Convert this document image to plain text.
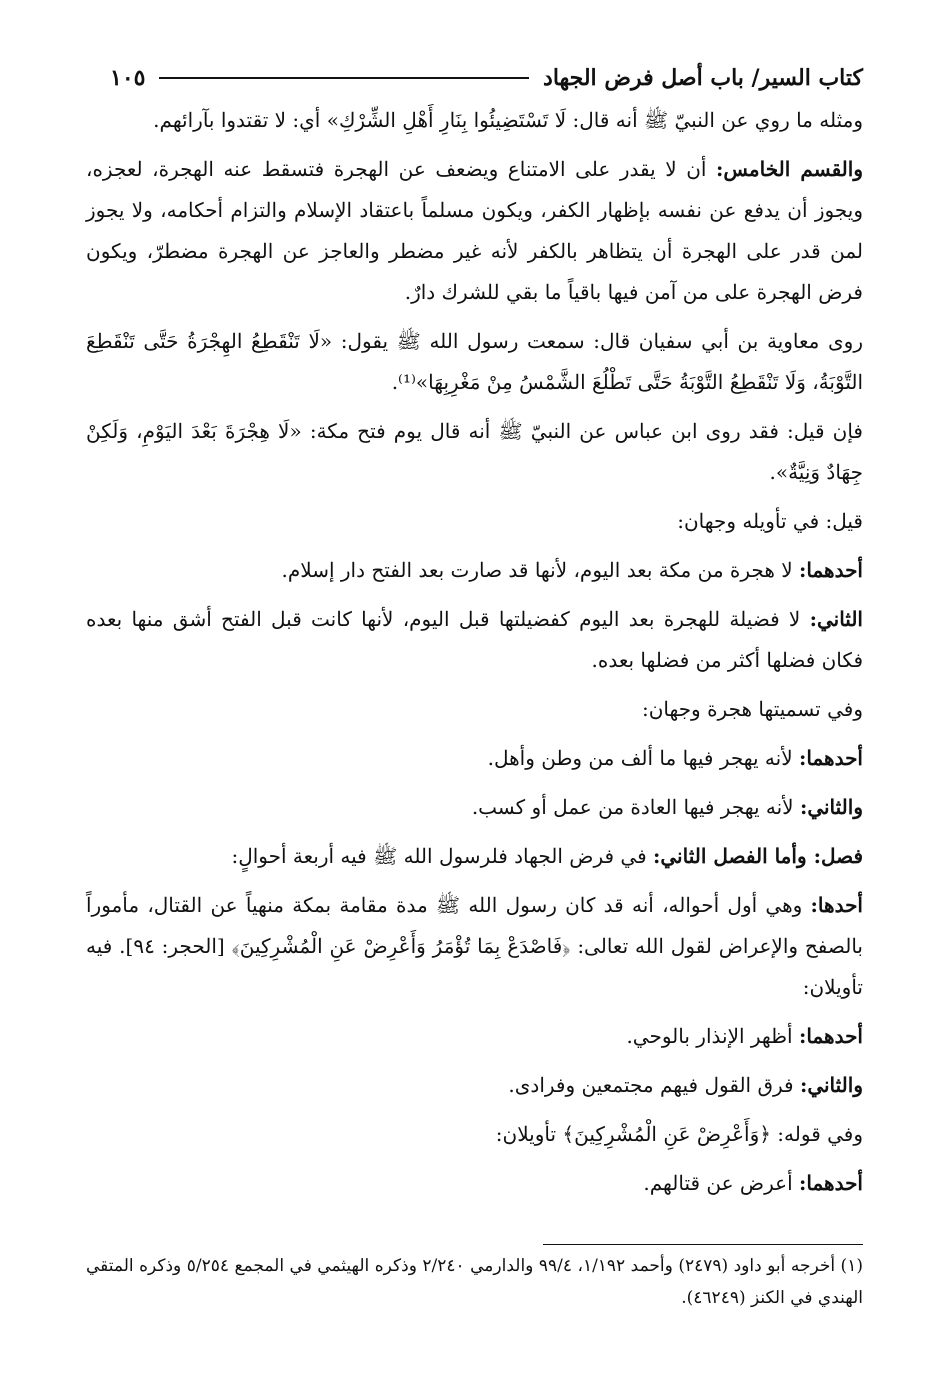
كتاب السير/ باب أصل فرض الجهاد
١٠٥

ومثله ما روي عن النبيّ ﷺ أنه قال: لَا تَسْتَضِيئُوا بِنَارِ أَهْلِ الشِّرْكِ» أي: لا تقتدوا بآرائهم.

والقسم الخامس: أن لا يقدر على الامتناع ويضعف عن الهجرة فتسقط عنه الهجرة، لعجزه، ويجوز أن يدفع عن نفسه بإظهار الكفر، ويكون مسلماً باعتقاد الإسلام والتزام أحكامه، ولا يجوز لمن قدر على الهجرة أن يتظاهر بالكفر لأنه غير مضطر والعاجز عن الهجرة مضطرّ، ويكون فرض الهجرة على من آمن فيها باقياً ما بقي للشرك دارٌ.

روى معاوية بن أبي سفيان قال: سمعت رسول الله ﷺ يقول: «لَا تَنْقَطِعُ الهِجْرَةُ حَتَّى تَنْقَطِعَ التَّوْبَةُ، وَلَا تَنْقَطِعُ التَّوْبَةُ حَتَّى تَطْلُعَ الشَّمْسُ مِنْ مَغْرِبِهَا»⁽¹⁾.

فإن قيل: فقد روى ابن عباس عن النبيّ ﷺ أنه قال يوم فتح مكة: «لَا هِجْرَةَ بَعْدَ اليَوْمِ، وَلَكِنْ جِهَادٌ وَنِيَّةٌ».

قيل: في تأويله وجهان:

أحدهما: لا هجرة من مكة بعد اليوم، لأنها قد صارت بعد الفتح دار إسلام.

الثاني: لا فضيلة للهجرة بعد اليوم كفضيلتها قبل اليوم، لأنها كانت قبل الفتح أشق منها بعده فكان فضلها أكثر من فضلها بعده.

وفي تسميتها هجرة وجهان:

أحدهما: لأنه يهجر فيها ما ألف من وطن وأهل.

والثاني: لأنه يهجر فيها العادة من عمل أو كسب.

فصل: وأما الفصل الثاني: في فرض الجهاد فلرسول الله ﷺ فيه أربعة أحوالٍ:

أحدها: وهي أول أحواله، أنه قد كان رسول الله ﷺ مدة مقامة بمكة منهياً عن القتال، مأموراً بالصفح والإعراض لقول الله تعالى: ﴿فَاصْدَعْ بِمَا تُؤْمَرُ وَأَعْرِضْ عَنِ الْمُشْرِكِينَ﴾ [الحجر: ٩٤]. فيه تأويلان:

أحدهما: أظهر الإنذار بالوحي.

والثاني: فرق القول فيهم مجتمعين وفرادى.

وفي قوله: ﴿وَأَعْرِضْ عَنِ الْمُشْرِكِينَ﴾ تأويلان:

أحدهما: أعرض عن قتالهم.

(١) أخرجه أبو داود (٢٤٧٩) وأحمد ١/١٩٢، ٩٩/٤ والدارمي ٢/٢٤٠ وذكره الهيثمي في المجمع ٥/٢٥٤ وذكره المتقي الهندي في الكنز (٤٦٢٤٩).
